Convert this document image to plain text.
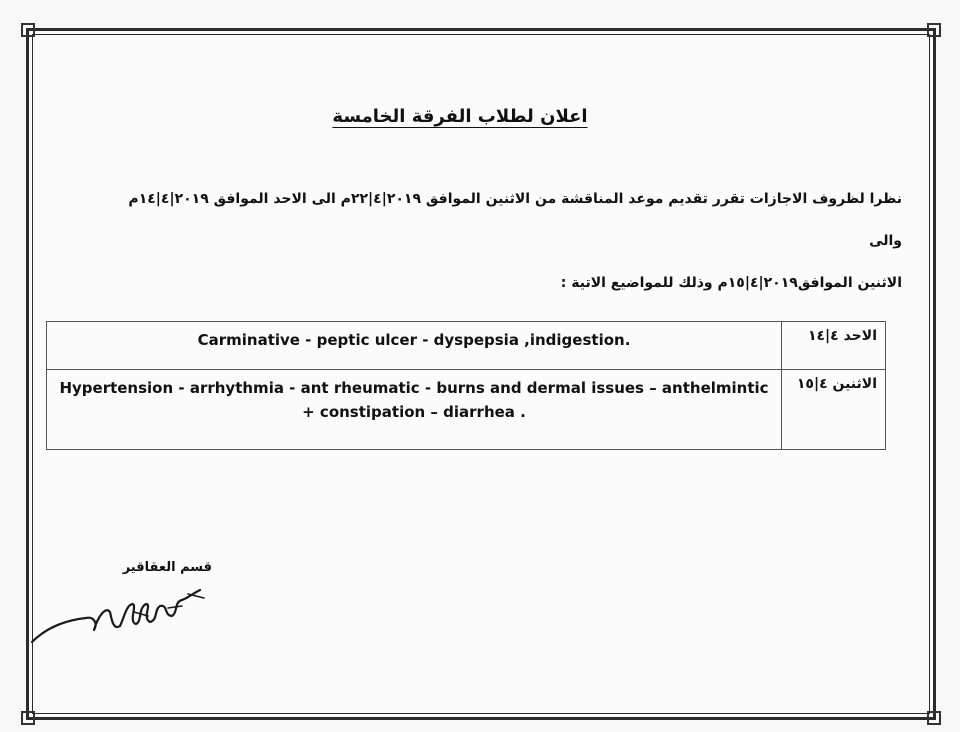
اعلان لطلاب الفرقة الخامسة
نظرا لظروف الاجازات تقرر تقديم موعد المناقشة من الاثنين الموافق ٢٠١٩|٤|٢٢م الى الاحد الموافق ٢٠١٩|٤|١٤م والى
الاثنين الموافق٢٠١٩|٤|١٥م وذلك للمواضيع الاتية :
الاحد ٤|١٤	Carminative - peptic ulcer - dyspepsia ,indigestion.
الاثنين ٤|١٥	Hypertension - arrhythmia - ant rheumatic - burns and dermal issues – anthelmintic + constipation – diarrhea .
قسم العقاقير
